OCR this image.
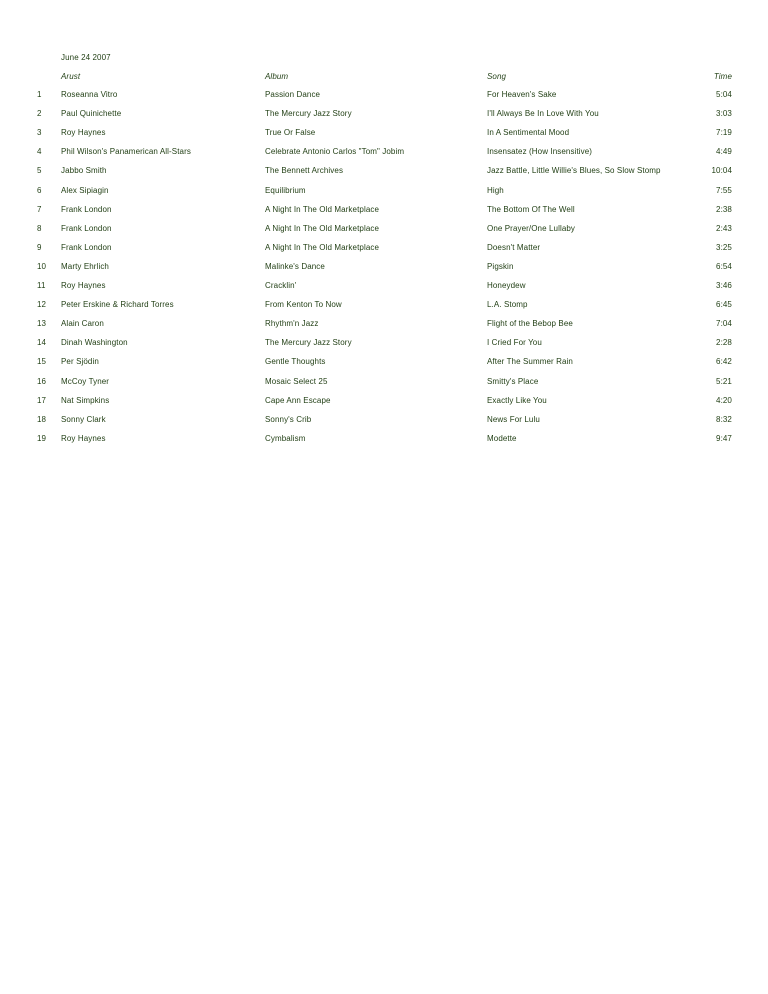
June 24 2007
Arust	Album	Song	Time
1 Roseanna Vitro	Passion Dance	For Heaven's Sake	5:04
2 Paul Quinichette	The Mercury Jazz Story	I'll Always Be In Love With You	3:03
3 Roy Haynes	True Or False	In A Sentimental Mood	7:19
4 Phil Wilson's Panamerican All-Stars	Celebrate Antonio Carlos "Tom" Jobim	Insensatez (How Insensitive)	4:49
5 Jabbo Smith	The Bennett Archives	Jazz Battle, Little Willie's Blues, So Slow Stomp	10:04
6 Alex Sipiagin	Equilibrium	High	7:55
7 Frank London	A Night In The Old Marketplace	The Bottom Of The Well	2:38
8 Frank London	A Night In The Old Marketplace	One Prayer/One Lullaby	2:43
9 Frank London	A Night In The Old Marketplace	Doesn't Matter	3:25
10 Marty Ehrlich	Malinke's Dance	Pigskin	6:54
11 Roy Haynes	Cracklin'	Honeydew	3:46
12 Peter Erskine & Richard Torres	From Kenton To Now	L.A. Stomp	6:45
13 Alain Caron	Rhythm'n Jazz	Flight of the Bebop Bee	7:04
14 Dinah Washington	The Mercury Jazz Story	I Cried For You	2:28
15 Per Sjödin	Gentle Thoughts	After The Summer Rain	6:42
16 McCoy Tyner	Mosaic Select 25	Smitty's Place	5:21
17 Nat Simpkins	Cape Ann Escape	Exactly Like You	4:20
18 Sonny Clark	Sonny's Crib	News For Lulu	8:32
19 Roy Haynes	Cymbalism	Modette	9:47
